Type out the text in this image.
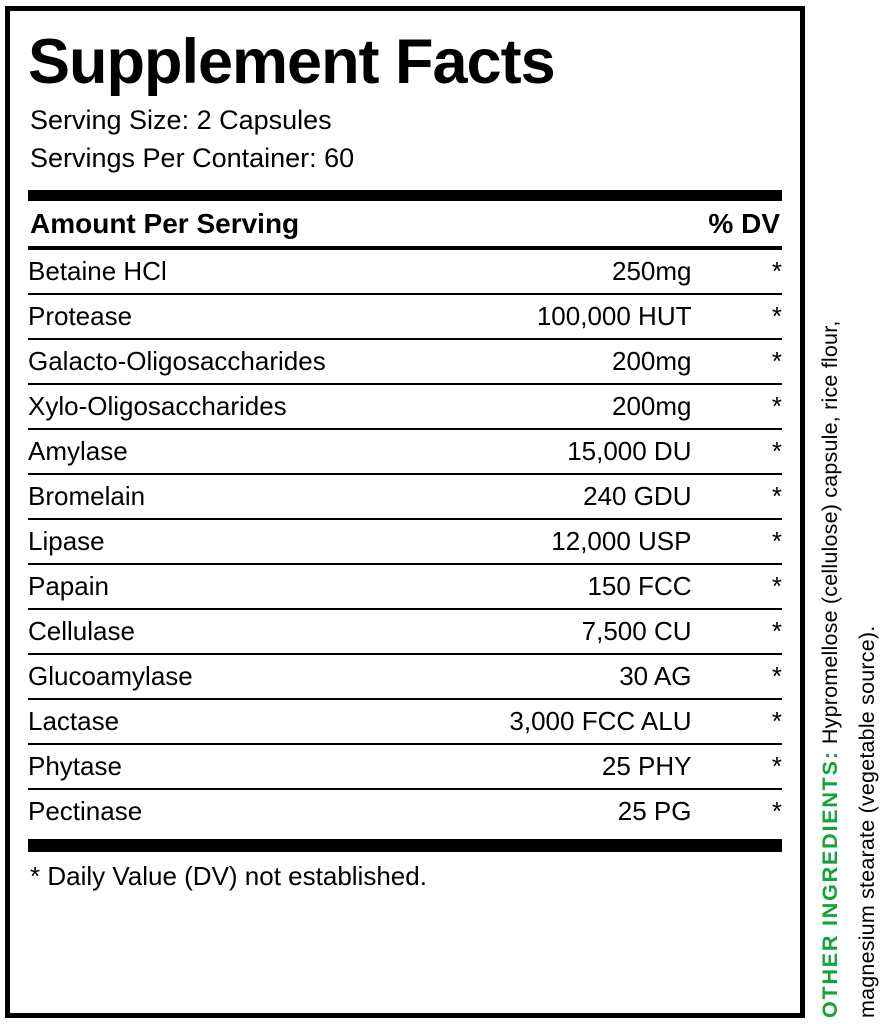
Supplement Facts
Serving Size: 2 Capsules
Servings Per Container: 60
Amount Per Serving	% DV
Betaine HCl	250mg	*
Protease	100,000 HUT	*
Galacto-Oligosaccharides	200mg	*
Xylo-Oligosaccharides	200mg	*
Amylase	15,000 DU	*
Bromelain	240 GDU	*
Lipase	12,000 USP	*
Papain	150 FCC	*
Cellulase	7,500 CU	*
Glucoamylase	30 AG	*
Lactase	3,000 FCC ALU	*
Phytase	25 PHY	*
Pectinase	25 PG	*
* Daily Value (DV) not established.	OTHER INGREDIENTS: Hypromellose (cellulose) capsule, rice flour,
magnesium stearate (vegetable source).
